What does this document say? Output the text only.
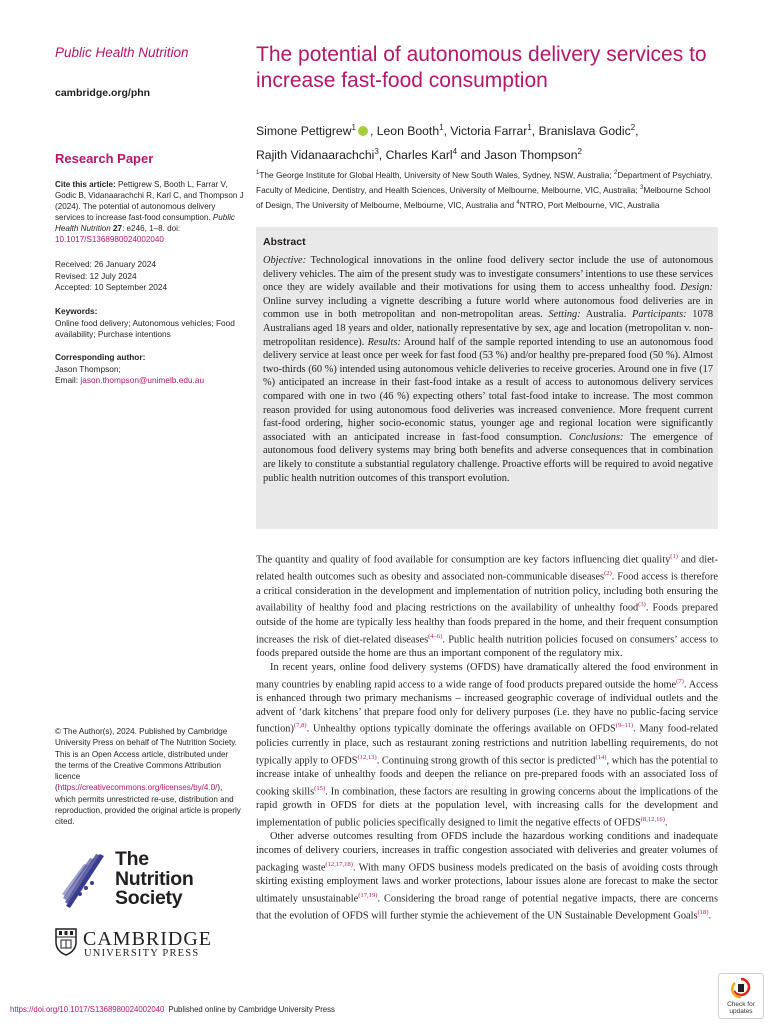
Public Health Nutrition
cambridge.org/phn
Research Paper
Cite this article: Pettigrew S, Booth L, Farrar V, Godic B, Vidanaarachchi R, Karl C, and Thompson J (2024). The potential of autonomous delivery services to increase fast-food consumption. Public Health Nutrition 27: e246, 1–8. doi: 10.1017/S1368980024002040
Received: 26 January 2024
Revised: 12 July 2024
Accepted: 10 September 2024
Keywords:
Online food delivery; Autonomous vehicles; Food availability; Purchase intentions
Corresponding author:
Jason Thompson;
Email: jason.thompson@unimelb.edu.au
© The Author(s), 2024. Published by Cambridge University Press on behalf of The Nutrition Society. This is an Open Access article, distributed under the terms of the Creative Commons Attribution licence (https://creativecommons.org/licenses/by/4.0/), which permits unrestricted re-use, distribution and reproduction, provided the original article is properly cited.
The
Nutrition
Society
CAMBRIDGE
UNIVERSITY PRESS
The potential of autonomous delivery services to increase fast-food consumption
Simone Pettigrew$^1$ , Leon Booth$^1$, Victoria Farrar$^1$, Branislava Godic$^2$,
Rajith Vidanaarachchi$^3$, Charles Karl$^4$ and Jason Thompson$^2$
$^1$The George Institute for Global Health, University of New South Wales, Sydney, NSW, Australia; $^2$Department of Psychiatry, Faculty of Medicine, Dentistry, and Health Sciences, University of Melbourne, Melbourne, VIC, Australia; $^3$Melbourne School of Design, The University of Melbourne, Melbourne, VIC, Australia and $^4$NTRO, Port Melbourne, VIC, Australia
Abstract
Objective: Technological innovations in the online food delivery sector include the use of autonomous delivery vehicles. The aim of the present study was to investigate consumers’ intentions to use these services once they are widely available and their motivations for using them to access unhealthy food. Design: Online survey including a vignette describing a future world where autonomous food deliveries are in common use in both metropolitan and non-metropolitan areas. Setting: Australia. Participants: 1078 Australians aged 18 years and older, nationally representative by sex, age and location (metropolitan v. non-metropolitan residence). Results: Around half of the sample reported intending to use an autonomous food delivery service at least once per week for fast food (53 %) and/or healthy pre-prepared food (50 %). Almost two-thirds (60 %) intended using autonomous vehicle deliveries to receive groceries. Around one in five (17 %) anticipated an increase in their fast-food intake as a result of access to autonomous delivery services compared with one in two (46 %) expecting others’ total fast-food intake to increase. The most common reason provided for using autonomous food deliveries was increased convenience. More frequent current fast-food ordering, higher socio-economic status, younger age and regional location were significantly associated with an anticipated increase in fast-food consumption. Conclusions: The emergence of autonomous food delivery systems may bring both benefits and adverse consequences that in combination are likely to constitute a substantial regulatory challenge. Proactive efforts will be required to avoid negative public health nutrition outcomes of this transport evolution.

The quantity and quality of food available for consumption are key factors influencing diet quality$^{(1)}$ and diet-related health outcomes such as obesity and associated non-communicable diseases$^{(2)}$. Food access is therefore a critical consideration in the development and implementation of nutrition policy, including both ensuring the availability of healthy food and placing restrictions on the availability of unhealthy food$^{(3)}$. Foods prepared outside of the home are typically less healthy than foods prepared in the home, and their frequent consumption increases the risk of diet-related diseases$^{(4-6)}$. Public health nutrition policies focused on consumers’ access to foods prepared outside the home are thus an important component of the regulatory mix.

In recent years, online food delivery systems (OFDS) have dramatically altered the food environment in many countries by enabling rapid access to a wide range of food products prepared outside the home$^{(7)}$. Access is enhanced through two primary mechanisms – increased geographic coverage of individual outlets and the advent of ‘dark kitchens’ that prepare food only for delivery purposes (i.e. they have no public-facing service function)$^{(7,8)}$. Unhealthy options typically dominate the offerings available on OFDS$^{(9-11)}$. Many food-related policies currently in place, such as restaurant zoning restrictions and nutrition labelling requirements, do not typically apply to OFDS$^{(12,13)}$. Continuing strong growth of this sector is predicted$^{(14)}$, which has the potential to increase intake of unhealthy foods and deepen the reliance on pre-prepared foods with an associated loss of cooking skills$^{(15)}$. In combination, these factors are resulting in growing concerns about the implications of the rapid growth in OFDS for diets at the population level, with increasing calls for the development and implementation of public policies specifically designed to limit the negative effects of OFDS$^{(8,12,16)}$.

Other adverse outcomes resulting from OFDS include the hazardous working conditions and inadequate incomes of delivery couriers, increases in traffic congestion associated with deliveries and greater volumes of packaging waste$^{(12,17,18)}$. With many OFDS business models predicated on the basis of avoiding costs through skirting existing employment laws and worker protections, labour issues alone are forecast to make the sector ultimately unsustainable$^{(17,19)}$. Considering the broad range of potential negative impacts, there are concerns that the evolution of OFDS will further stymie the achievement of the UN Sustainable Development Goals$^{(18)}$.

https://doi.org/10.1017/S1368980024002040 Published online by Cambridge University Press
Check for
updates
